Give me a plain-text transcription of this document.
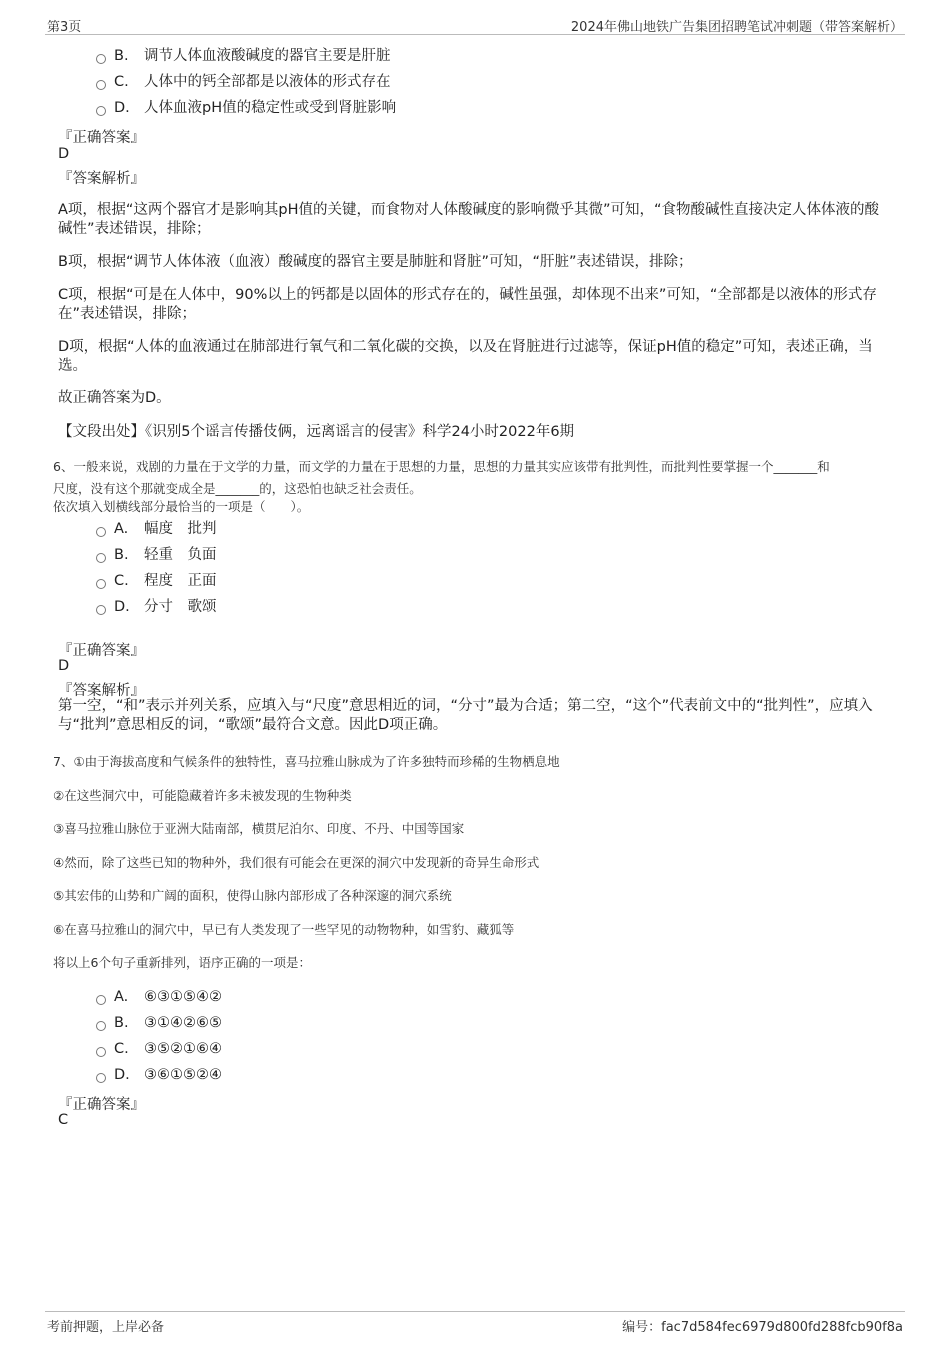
第3页	2024年佛山地铁广告集团招聘笔试冲刺题（带答案解析）
B. 调节人体血液酸碱度的器官主要是肝脏
C. 人体中的钙全部都是以液体的形式存在
D. 人体血液pH值的稳定性或受到肾脏影响
『正确答案』
D
『答案解析』
A项，根据“这两个器官才是影响其pH值的关键，而食物对人体酸碱度的影响微乎其微”可知，“食物酸碱性直接决定人体体液的酸碱性”表述错误，排除；
B项，根据“调节人体体液（血液）酸碱度的器官主要是肺脏和肾脏”可知，“肝脏”表述错误，排除；
C项，根据“可是在人体中，90%以上的钙都是以固体的形式存在的，碱性虽强，却体现不出来”可知，“全部都是以液体的形式存在”表述错误，排除；
D项，根据“人体的血液通过在肺部进行氧气和二氧化碳的交换，以及在肾脏进行过滤等，保证pH值的稳定”可知，表述正确，当选。
故正确答案为D。
【文段出处】《识别5个谣言传播伎俩，远离谣言的侵害》科学24小时2022年6期
6、一般来说，戏剧的力量在于文学的力量，而文学的力量在于思想的力量，思想的力量其实应该带有批判性，而批判性要掌握一个_______和
尺度，没有这个那就变成全是_______的，这恐怕也缺乏社会责任。
依次填入划横线部分最恰当的一项是（　　）。
A. 幅度　批判
B. 轻重　负面
C. 程度　正面
D. 分寸　歌颂
『正确答案』
D
『答案解析』
第一空，“和”表示并列关系，应填入与“尺度”意思相近的词，“分寸”最为合适；第二空，“这个”代表前文中的“批判性”，应填入与“批判”意思相反的词，“歌颂”最符合文意。因此D项正确。
7、①由于海拔高度和气候条件的独特性，喜马拉雅山脉成为了许多独特而珍稀的生物栖息地
②在这些洞穴中，可能隐藏着许多未被发现的生物种类
③喜马拉雅山脉位于亚洲大陆南部，横贯尼泊尔、印度、不丹、中国等国家
④然而，除了这些已知的物种外，我们很有可能会在更深的洞穴中发现新的奇异生命形式
⑤其宏伟的山势和广阔的面积，使得山脉内部形成了各种深邃的洞穴系统
⑥在喜马拉雅山的洞穴中，早已有人类发现了一些罕见的动物物种，如雪豹、藏狐等
将以上6个句子重新排列，语序正确的一项是：
A. ⑥③①⑤④②
B. ③①④②⑥⑤
C. ③⑤②①⑥④
D. ③⑥①⑤②④
『正确答案』
C
考前押题，上岸必备	编号：fac7d584fec6979d800fd288fcb90f8a
